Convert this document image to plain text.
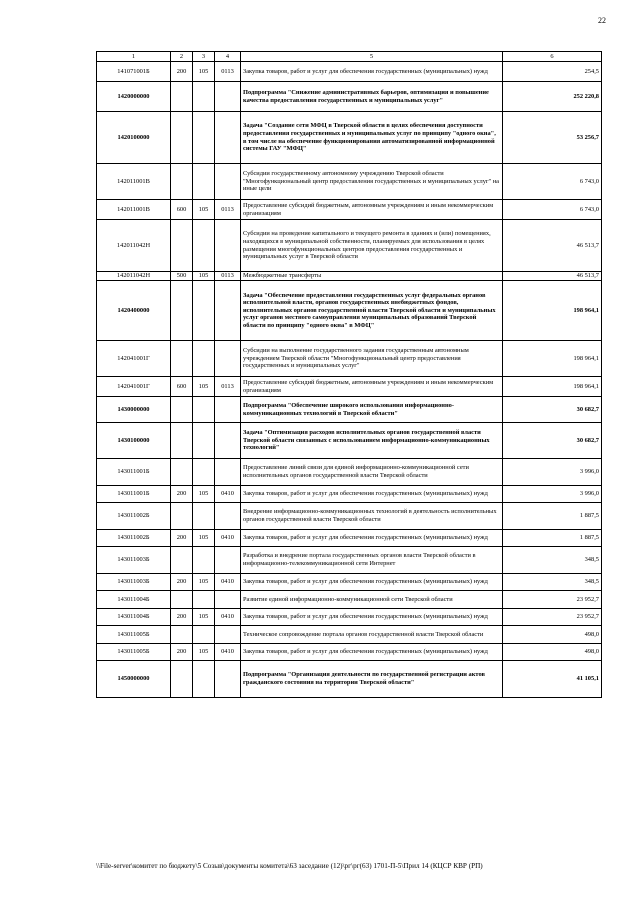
22
1	2	3	4	5	6
141071001Б	200	105	0113	Закупка товаров, работ и услуг для обеспечения государственных (муниципальных) нужд	254,5
1420000000				Подпрограмма "Снижение административных барьеров, оптимизация и повышение качества предоставления государственных и муниципальных услуг"	252 220,8
1420100000				Задача "Создание сети МФЦ в Тверской области в целях обеспечения доступности предоставления государственных и муниципальных услуг по принципу "одного окна", в том числе на обеспечение функционирования автоматизированной информационной системы ГАУ "МФЦ"	53 256,7
142011001В				Субсидии государственному автономному учреждению Тверской области "Многофункциональный центр предоставления государственных и муниципальных услуг" на иные цели	6 743,0
142011001В	600	105	0113	Предоставление субсидий бюджетным, автономным учреждениям и иным некоммерческим организациям	6 743,0
142011042Н				Субсидии на проведение капитального и текущего ремонта в зданиях и (или) помещениях, находящихся в муниципальной собственности, планируемых для использования в целях размещения многофункциональных центров предоставления государственных и муниципальных услуг в Тверской области	46 513,7
142011042Н	500	105	0113	Межбюджетные трансферты	46 513,7
1420400000				Задача "Обеспечение предоставления государственных услуг федеральных органов исполнительной власти, органов государственных внебюджетных фондов, исполнительных органов государственной власти Тверской области и муниципальных услуг органов местного самоуправления муниципальных образований Тверской области по принципу "одного окна" в МФЦ"	198 964,1
142041001Г				Субсидии на выполнение государственного задания государственным автономным учреждением Тверской области "Многофункциональный центр предоставления государственных и муниципальных услуг"	198 964,1
142041001Г	600	105	0113	Предоставление субсидий бюджетным, автономным учреждениям и иным некоммерческим организациям	198 964,1
1430000000				Подпрограмма "Обеспечение широкого использования информационно-коммуникационных технологий в Тверской области"	30 682,7
1430100000				Задача "Оптимизация расходов исполнительных органов государственной власти Тверской области связанных с использованием информационно-коммуникационных технологий"	30 682,7
143011001Б				Предоставление линий связи для единой информационно-коммуникационной сети исполнительных органов государственной власти Тверской области	3 996,0
143011001Б	200	105	0410	Закупка товаров, работ и услуг для обеспечения государственных (муниципальных) нужд	3 996,0
143011002Б				Внедрение информационно-коммуникационных технологий в деятельность исполнительных органов государственной власти Тверской области	1 887,5
143011002Б	200	105	0410	Закупка товаров, работ и услуг для обеспечения государственных (муниципальных) нужд	1 887,5
143011003Б				Разработка и внедрение портала государственных органов власти Тверской области в информационно-телекоммуникационной сети Интернет	348,5
143011003Б	200	105	0410	Закупка товаров, работ и услуг для обеспечения государственных (муниципальных) нужд	348,5
143011004Б				Развитие единой информационно-коммуникационной сети Тверской области	23 952,7
143011004Б	200	105	0410	Закупка товаров, работ и услуг для обеспечения государственных (муниципальных) нужд	23 952,7
143011005Б				Техническое сопровождение портала органов государственной власти Тверской области	498,0
143011005Б	200	105	0410	Закупка товаров, работ и услуг для обеспечения государственных (муниципальных) нужд	498,0
1450000000				Подпрограмма "Организация деятельности по государственной регистрации актов гражданского состояния на территории Тверской области"	41 105,1
\\File-server\комитет по бюджету\5 Созыв\документы комитета\63 заседание (12)\рг\рг(63) 1701-П-5\Прил 14 (КЦСР КВР (РП)
